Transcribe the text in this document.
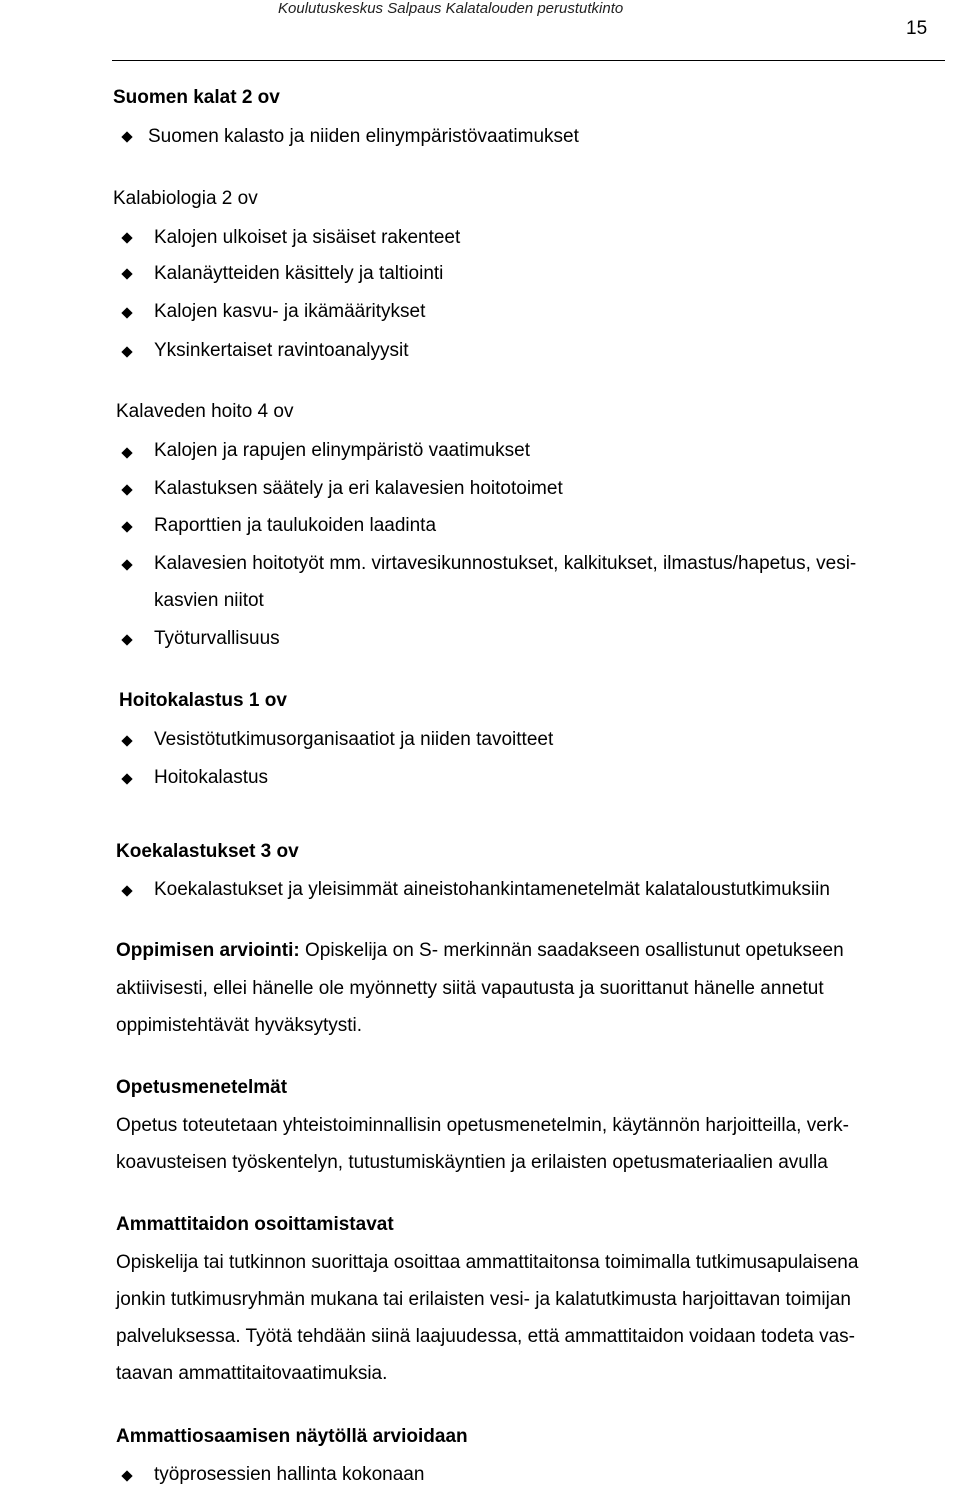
Koulutuskeskus Salpaus Kalatalouden perustutkinto
15
Suomen kalat 2 ov
Suomen kalasto ja niiden elinympäristövaatimukset
Kalabiologia 2 ov
Kalojen ulkoiset ja sisäiset rakenteet
Kalanäytteiden käsittely ja taltiointi
Kalojen kasvu- ja ikämääritykset
Yksinkertaiset ravintoanalyysit
Kalaveden hoito 4 ov
Kalojen ja rapujen elinympäristö vaatimukset
Kalastuksen säätely ja eri kalavesien hoitotoimet
Raporttien ja taulukoiden laadinta
Kalavesien hoitotyöt mm. virtavesikunnostukset, kalkitukset, ilmastus/hapetus, vesi-
kasvien niitot
Työturvallisuus
Hoitokalastus 1 ov
Vesistötutkimusorganisaatiot ja niiden tavoitteet
Hoitokalastus
Koekalastukset 3 ov
Koekalastukset ja yleisimmät aineistohankintamenetelmät kalataloustutkimuksiin
Oppimisen arviointi: Opiskelija on S- merkinnän saadakseen osallistunut opetukseen
aktiivisesti, ellei hänelle ole myönnetty siitä vapautusta ja suorittanut hänelle annetut
oppimistehtävät hyväksytysti.
Opetusmenetelmät
Opetus toteutetaan yhteistoiminnallisin opetusmenetelmin, käytännön harjoitteilla, verk-
koavusteisen työskentelyn, tutustumiskäyntien ja erilaisten opetusmateriaalien avulla
Ammattitaidon osoittamistavat
Opiskelija tai tutkinnon suorittaja osoittaa ammattitaitonsa toimimalla tutkimusapulaisena
jonkin tutkimusryhmän mukana tai erilaisten vesi- ja kalatutkimusta harjoittavan toimijan
palveluksessa. Työtä tehdään siinä laajuudessa, että ammattitaidon voidaan todeta vas-
taavan ammattitaitovaatimuksia.
Ammattiosaamisen näytöllä arvioidaan
työprosessien hallinta kokonaan
